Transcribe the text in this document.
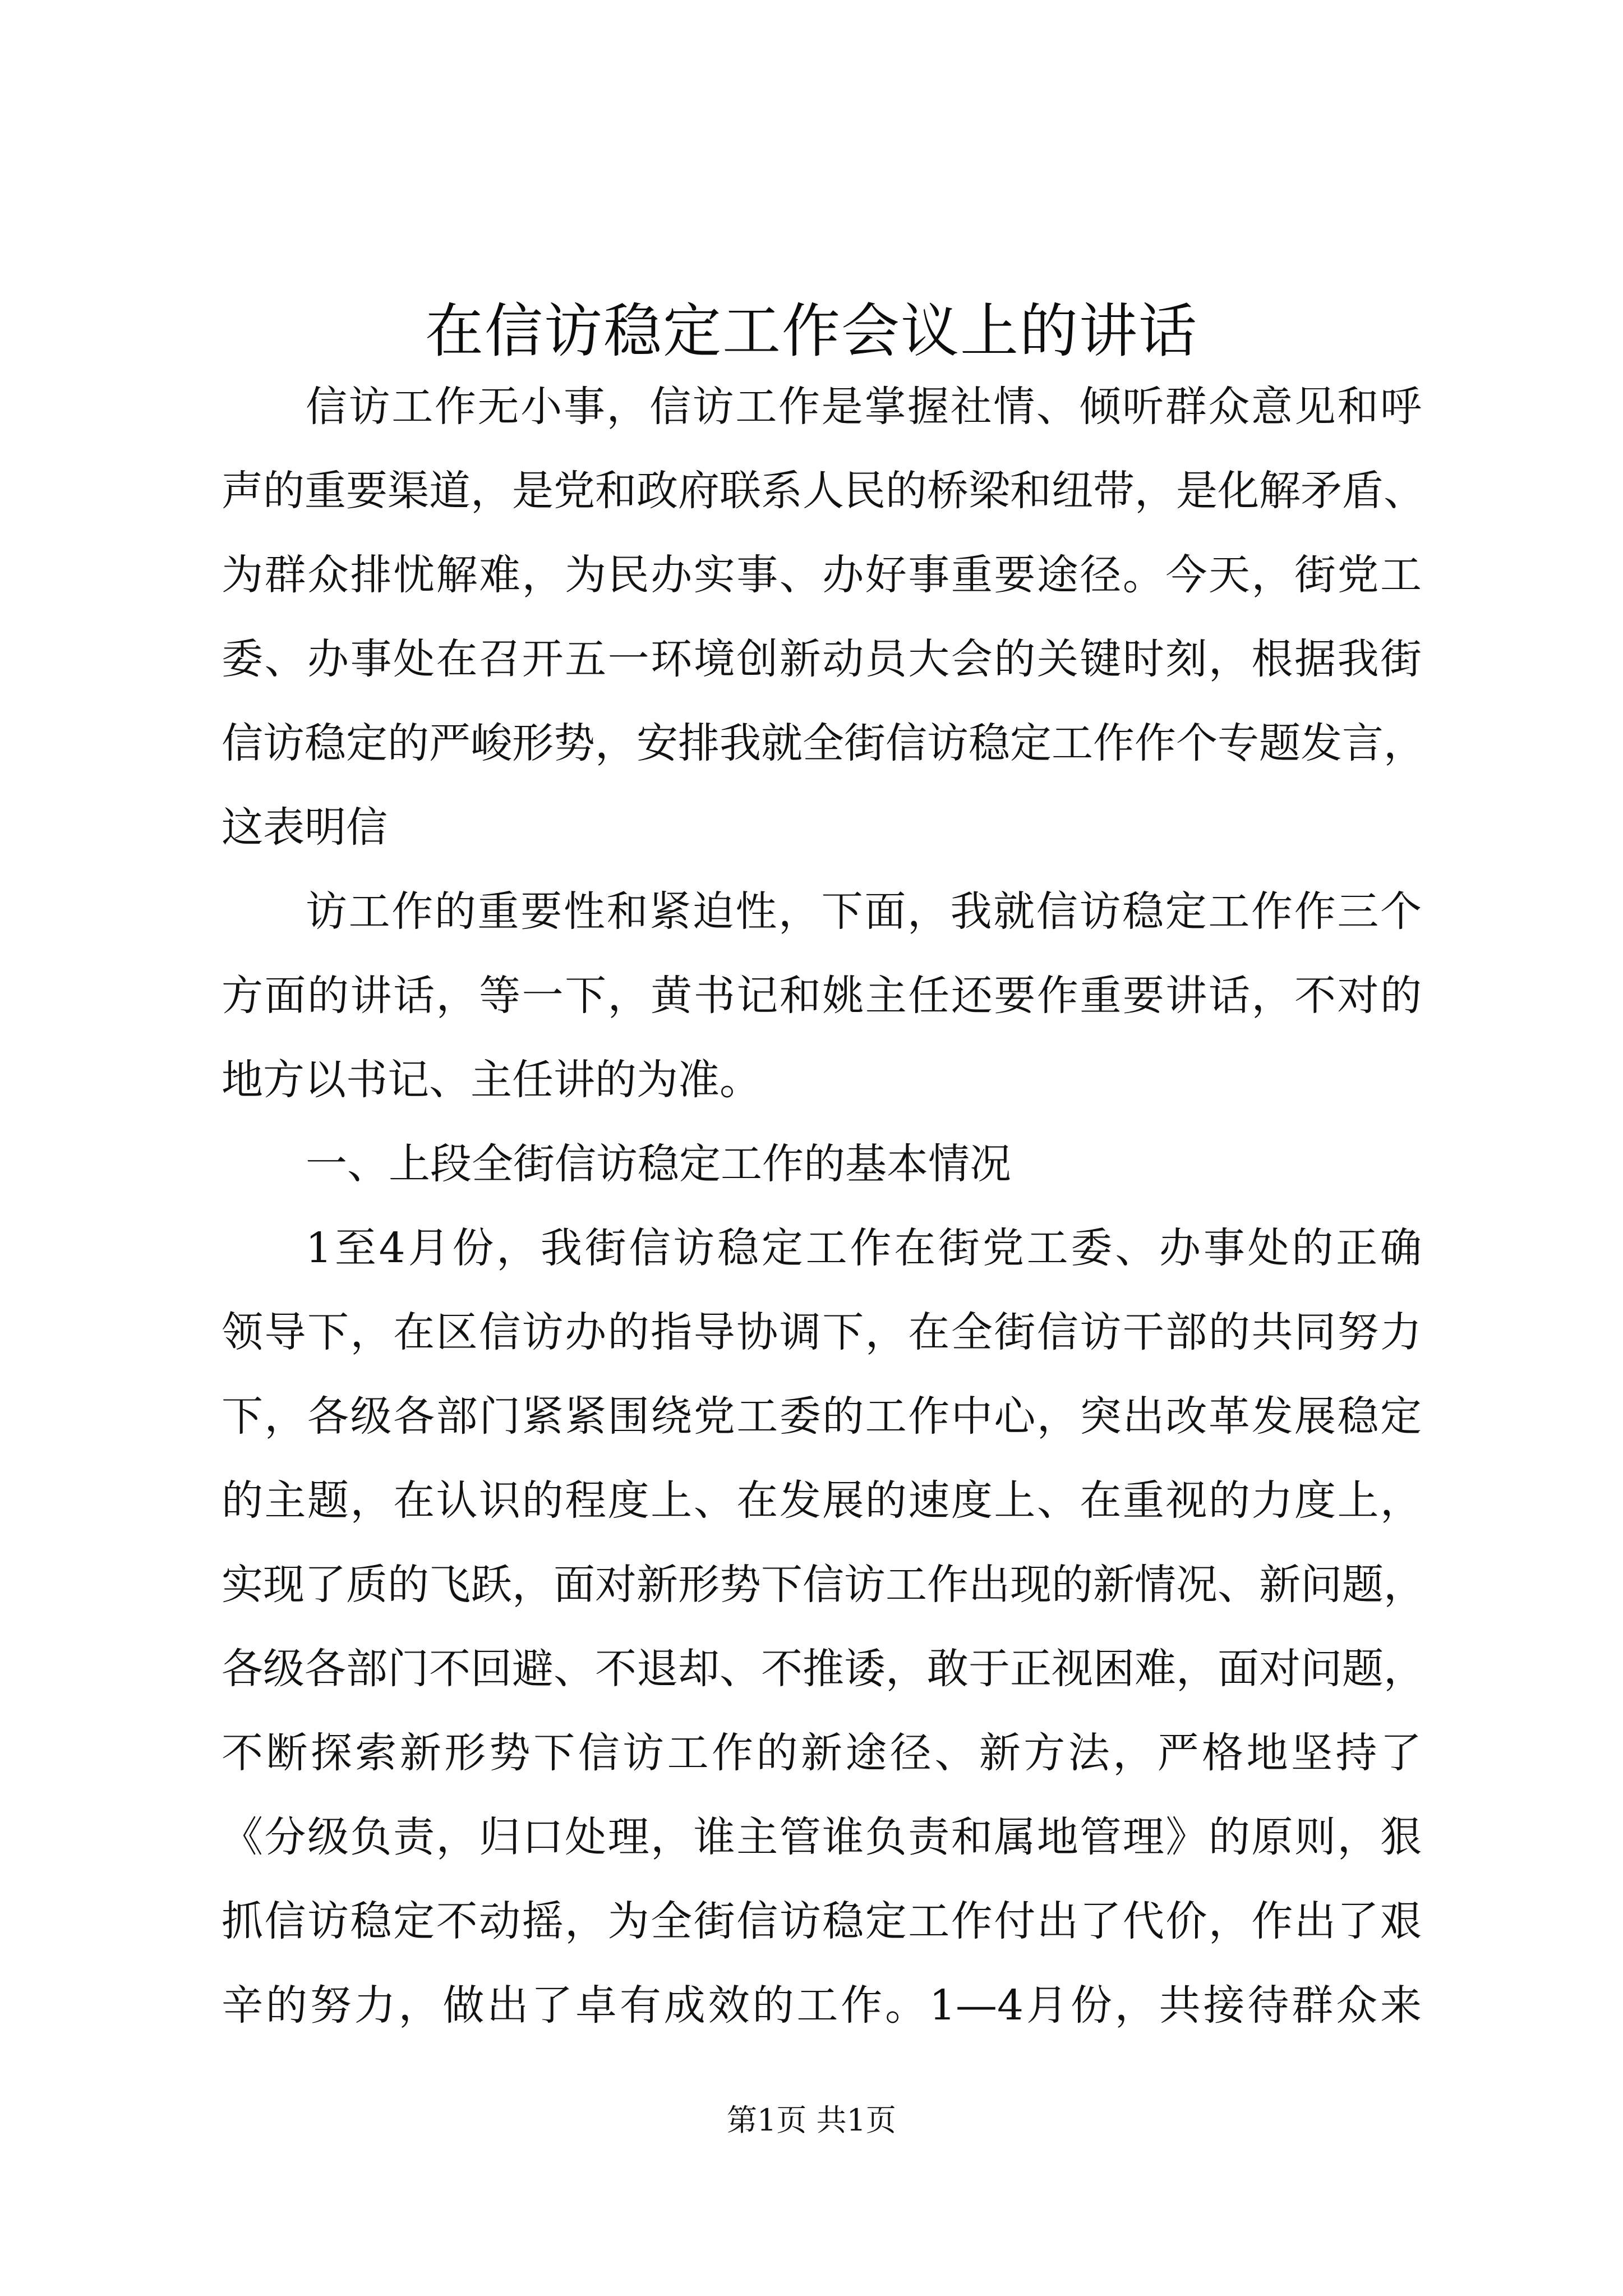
在信访稳定工作会议上的讲话
信访工作无小事，信访工作是掌握社情、倾听群众意见和呼
声的重要渠道，是党和政府联系人民的桥梁和纽带，是化解矛盾、
为群众排忧解难，为民办实事、办好事重要途径。今天，街党工
委、办事处在召开五一环境创新动员大会的关键时刻，根据我街
信访稳定的严峻形势，安排我就全街信访稳定工作作个专题发言，
这表明信
访工作的重要性和紧迫性，下面，我就信访稳定工作作三个
方面的讲话，等一下，黄书记和姚主任还要作重要讲话，不对的
地方以书记、主任讲的为准。
一、上段全街信访稳定工作的基本情况
1至4月份，我街信访稳定工作在街党工委、办事处的正确
领导下，在区信访办的指导协调下，在全街信访干部的共同努力
下，各级各部门紧紧围绕党工委的工作中心，突出改革发展稳定
的主题，在认识的程度上、在发展的速度上、在重视的力度上，
实现了质的飞跃，面对新形势下信访工作出现的新情况、新问题，
各级各部门不回避、不退却、不推诿，敢于正视困难，面对问题，
不断探索新形势下信访工作的新途径、新方法，严格地坚持了
《分级负责，归口处理，谁主管谁负责和属地管理》的原则，狠
抓信访稳定不动摇，为全街信访稳定工作付出了代价，作出了艰
辛的努力，做出了卓有成效的工作。1—4月份，共接待群众来
第1页 共1页
